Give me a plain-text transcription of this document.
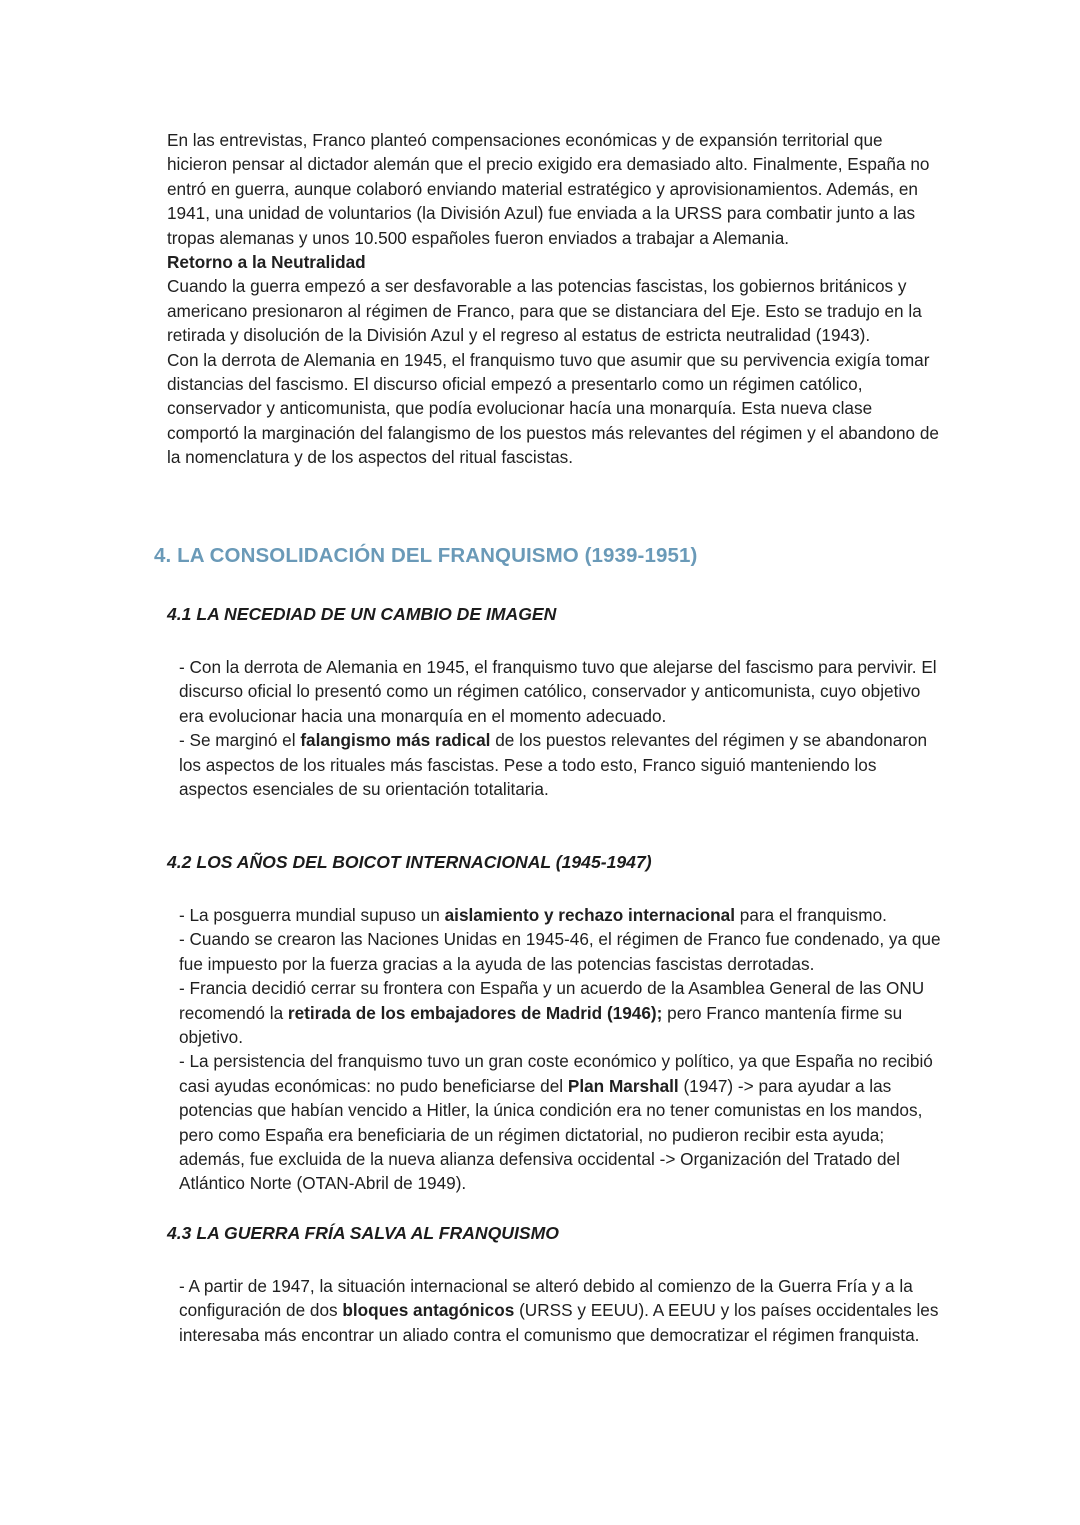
En las entrevistas, Franco planteó compensaciones económicas y de expansión territorial que hicieron pensar al dictador alemán que el precio exigido era demasiado alto. Finalmente, España no entró en guerra, aunque colaboró enviando material estratégico y aprovisionamientos. Además, en 1941, una unidad de voluntarios (la División Azul) fue enviada a la URSS para combatir junto a las tropas alemanas y unos 10.500 españoles fueron enviados a trabajar a Alemania.

Retorno a la Neutralidad

Cuando la guerra empezó a ser desfavorable a las potencias fascistas, los gobiernos británicos y americano presionaron al régimen de Franco, para que se distanciara del Eje. Esto se tradujo en la retirada y disolución de la División Azul y el regreso al estatus de estricta neutralidad (1943).

Con la derrota de Alemania en 1945, el franquismo tuvo que asumir que su pervivencia exigía tomar distancias del fascismo. El discurso oficial empezó a presentarlo como un régimen católico, conservador y anticomunista, que podía evolucionar hacía una monarquía. Esta nueva clase comportó la marginación del falangismo de los puestos más relevantes del régimen y el abandono de la nomenclatura y de los aspectos del ritual fascistas.

4. LA CONSOLIDACIÓN DEL FRANQUISMO (1939-1951)
4.1 LA NECEDIAD DE UN CAMBIO DE IMAGEN

- Con la derrota de Alemania en 1945, el franquismo tuvo que alejarse del fascismo para pervivir. El discurso oficial lo presentó como un régimen católico, conservador y anticomunista, cuyo objetivo era evolucionar hacia una monarquía en el momento adecuado.

- Se marginó el falangismo más radical de los puestos relevantes del régimen y se abandonaron los aspectos de los rituales más fascistas. Pese a todo esto, Franco siguió manteniendo los aspectos esenciales de su orientación totalitaria.

4.2 LOS AÑOS DEL BOICOT INTERNACIONAL (1945-1947)

- La posguerra mundial supuso un aislamiento y rechazo internacional para el franquismo.

- Cuando se crearon las Naciones Unidas en 1945-46, el régimen de Franco fue condenado, ya que fue impuesto por la fuerza gracias a la ayuda de las potencias fascistas derrotadas.

- Francia decidió cerrar su frontera con España y un acuerdo de la Asamblea General de las ONU recomendó la retirada de los embajadores de Madrid (1946); pero Franco mantenía firme su objetivo.

- La persistencia del franquismo tuvo un gran coste económico y político, ya que España no recibió casi ayudas económicas: no pudo beneficiarse del Plan Marshall (1947) -> para ayudar a las potencias que habían vencido a Hitler, la única condición era no tener comunistas en los mandos, pero como España era beneficiaria de un régimen dictatorial, no pudieron recibir esta ayuda; además, fue excluida de la nueva alianza defensiva occidental -> Organización del Tratado del Atlántico Norte (OTAN-Abril de 1949).

4.3 LA GUERRA FRÍA SALVA AL FRANQUISMO

- A partir de 1947, la situación internacional se alteró debido al comienzo de la Guerra Fría y a la configuración de dos bloques antagónicos (URSS y EEUU). A EEUU y los países occidentales les interesaba más encontrar un aliado contra el comunismo que democratizar el régimen franquista.
